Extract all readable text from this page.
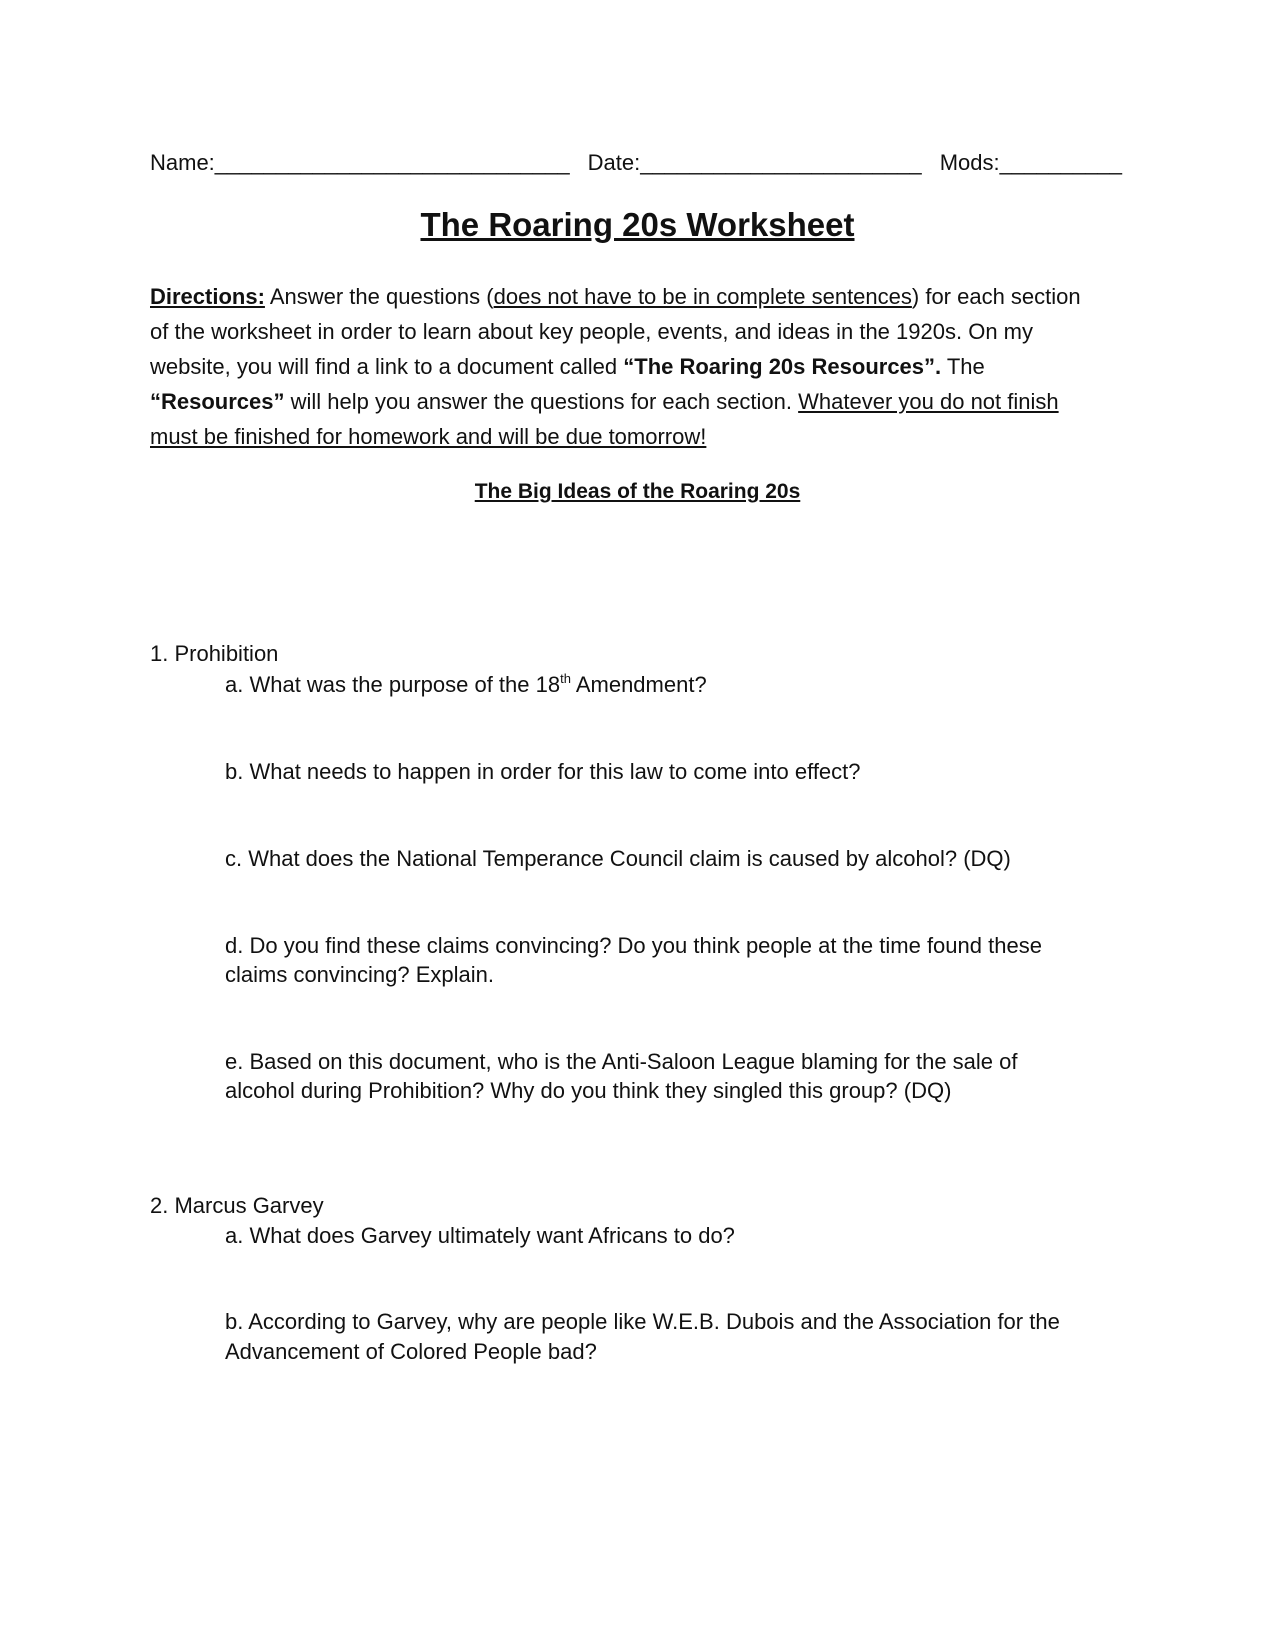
Name:_____________________________ Date:_______________________ Mods:__________
The Roaring 20s Worksheet
Directions: Answer the questions (does not have to be in complete sentences) for each section
of the worksheet in order to learn about key people, events, and ideas in the 1920s. On my
website, you will find a link to a document called “The Roaring 20s Resources”. The
“Resources” will help you answer the questions for each section. Whatever you do not finish
must be finished for homework and will be due tomorrow!
The Big Ideas of the Roaring 20s
1. Prohibition
a. What was the purpose of the 18th Amendment?
b. What needs to happen in order for this law to come into effect?
c. What does the National Temperance Council claim is caused by alcohol? (DQ)
d. Do you find these claims convincing? Do you think people at the time found these
claims convincing? Explain.
e. Based on this document, who is the Anti-Saloon League blaming for the sale of
alcohol during Prohibition? Why do you think they singled this group? (DQ)
2. Marcus Garvey
a. What does Garvey ultimately want Africans to do?
b. According to Garvey, why are people like W.E.B. Dubois and the Association for the
Advancement of Colored People bad?
